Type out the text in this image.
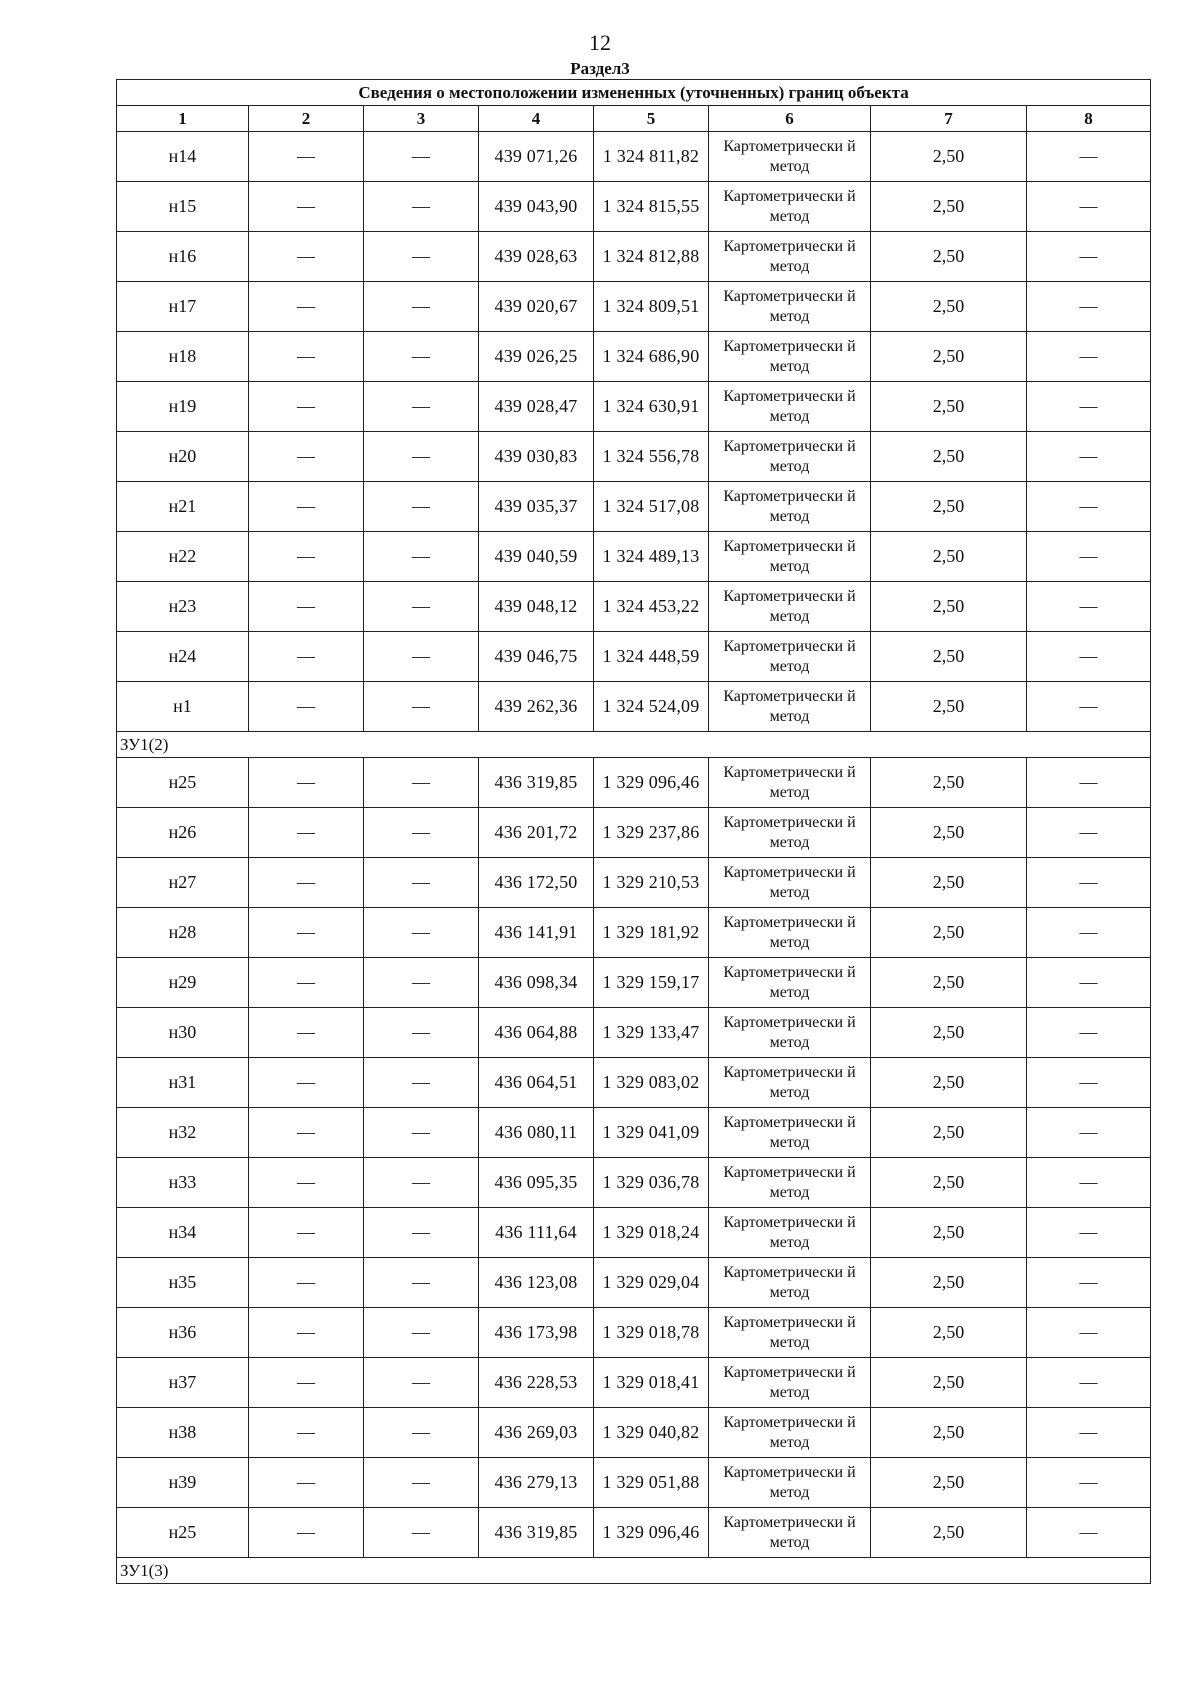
12
Раздел3
Сведения о местоположении измененных (уточненных) границ объекта							
1	2	3	4	5	6	7	8
н14	—	—	439 071,26	1 324 811,82	Картометрически й метод	2,50	—
н15	—	—	439 043,90	1 324 815,55	Картометрически й метод	2,50	—
н16	—	—	439 028,63	1 324 812,88	Картометрически й метод	2,50	—
н17	—	—	439 020,67	1 324 809,51	Картометрически й метод	2,50	—
н18	—	—	439 026,25	1 324 686,90	Картометрически й метод	2,50	—
н19	—	—	439 028,47	1 324 630,91	Картометрически й метод	2,50	—
н20	—	—	439 030,83	1 324 556,78	Картометрически й метод	2,50	—
н21	—	—	439 035,37	1 324 517,08	Картометрически й метод	2,50	—
н22	—	—	439 040,59	1 324 489,13	Картометрически й метод	2,50	—
н23	—	—	439 048,12	1 324 453,22	Картометрически й метод	2,50	—
н24	—	—	439 046,75	1 324 448,59	Картометрически й метод	2,50	—
н1	—	—	439 262,36	1 324 524,09	Картометрически й метод	2,50	—
ЗУ1(2)							
н25	—	—	436 319,85	1 329 096,46	Картометрически й метод	2,50	—
н26	—	—	436 201,72	1 329 237,86	Картометрически й метод	2,50	—
н27	—	—	436 172,50	1 329 210,53	Картометрически й метод	2,50	—
н28	—	—	436 141,91	1 329 181,92	Картометрически й метод	2,50	—
н29	—	—	436 098,34	1 329 159,17	Картометрически й метод	2,50	—
н30	—	—	436 064,88	1 329 133,47	Картометрически й метод	2,50	—
н31	—	—	436 064,51	1 329 083,02	Картометрически й метод	2,50	—
н32	—	—	436 080,11	1 329 041,09	Картометрически й метод	2,50	—
н33	—	—	436 095,35	1 329 036,78	Картометрически й метод	2,50	—
н34	—	—	436 111,64	1 329 018,24	Картометрически й метод	2,50	—
н35	—	—	436 123,08	1 329 029,04	Картометрически й метод	2,50	—
н36	—	—	436 173,98	1 329 018,78	Картометрически й метод	2,50	—
н37	—	—	436 228,53	1 329 018,41	Картометрически й метод	2,50	—
н38	—	—	436 269,03	1 329 040,82	Картометрически й метод	2,50	—
н39	—	—	436 279,13	1 329 051,88	Картометрически й метод	2,50	—
н25	—	—	436 319,85	1 329 096,46	Картометрически й метод	2,50	—
ЗУ1(3)							
